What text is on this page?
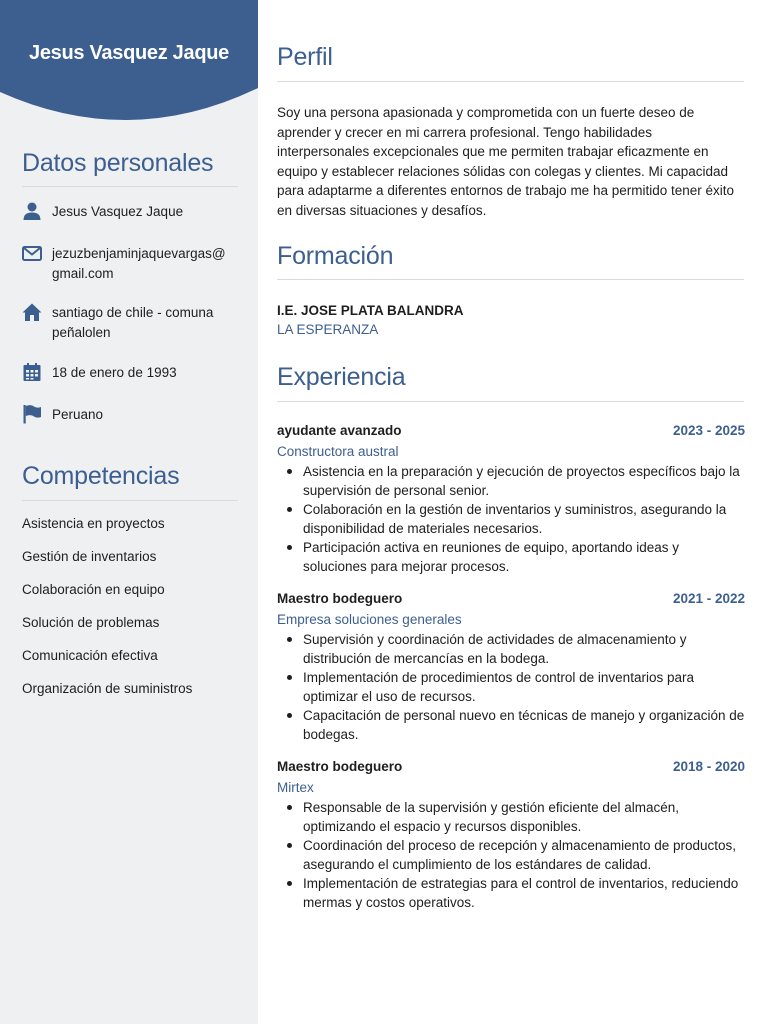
Jesus Vasquez Jaque
Datos personales
Jesus Vasquez Jaque
jezuzbenjaminjaquevargas@
gmail.com
santiago de chile - comuna
peñalolen
18 de enero de 1993
Peruano
Competencias
Asistencia en proyectos
Gestión de inventarios
Colaboración en equipo
Solución de problemas
Comunicación efectiva
Organización de suministros
Perfil

Soy una persona apasionada y comprometida con un fuerte deseo de aprender y crecer en mi carrera profesional. Tengo habilidades interpersonales excepcionales que me permiten trabajar eficazmente en equipo y establecer relaciones sólidas con colegas y clientes. Mi capacidad para adaptarme a diferentes entornos de trabajo me ha permitido tener éxito en diversas situaciones y desafíos.

Formación
I.E. JOSE PLATA BALANDRA
LA ESPERANZA
Experiencia
ayudante avanzado	2023 - 2025
Constructora austral
Asistencia en la preparación y ejecución de proyectos específicos bajo la supervisión de personal senior.
Colaboración en la gestión de inventarios y suministros, asegurando la disponibilidad de materiales necesarios.
Participación activa en reuniones de equipo, aportando ideas y soluciones para mejorar procesos.
Maestro bodeguero	2021 - 2022
Empresa soluciones generales
Supervisión y coordinación de actividades de almacenamiento y distribución de mercancías en la bodega.
Implementación de procedimientos de control de inventarios para optimizar el uso de recursos.
Capacitación de personal nuevo en técnicas de manejo y organización de bodegas.
Maestro bodeguero	2018 - 2020
Mirtex
Responsable de la supervisión y gestión eficiente del almacén, optimizando el espacio y recursos disponibles.
Coordinación del proceso de recepción y almacenamiento de productos, asegurando el cumplimiento de los estándares de calidad.
Implementación de estrategias para el control de inventarios, reduciendo mermas y costos operativos.
